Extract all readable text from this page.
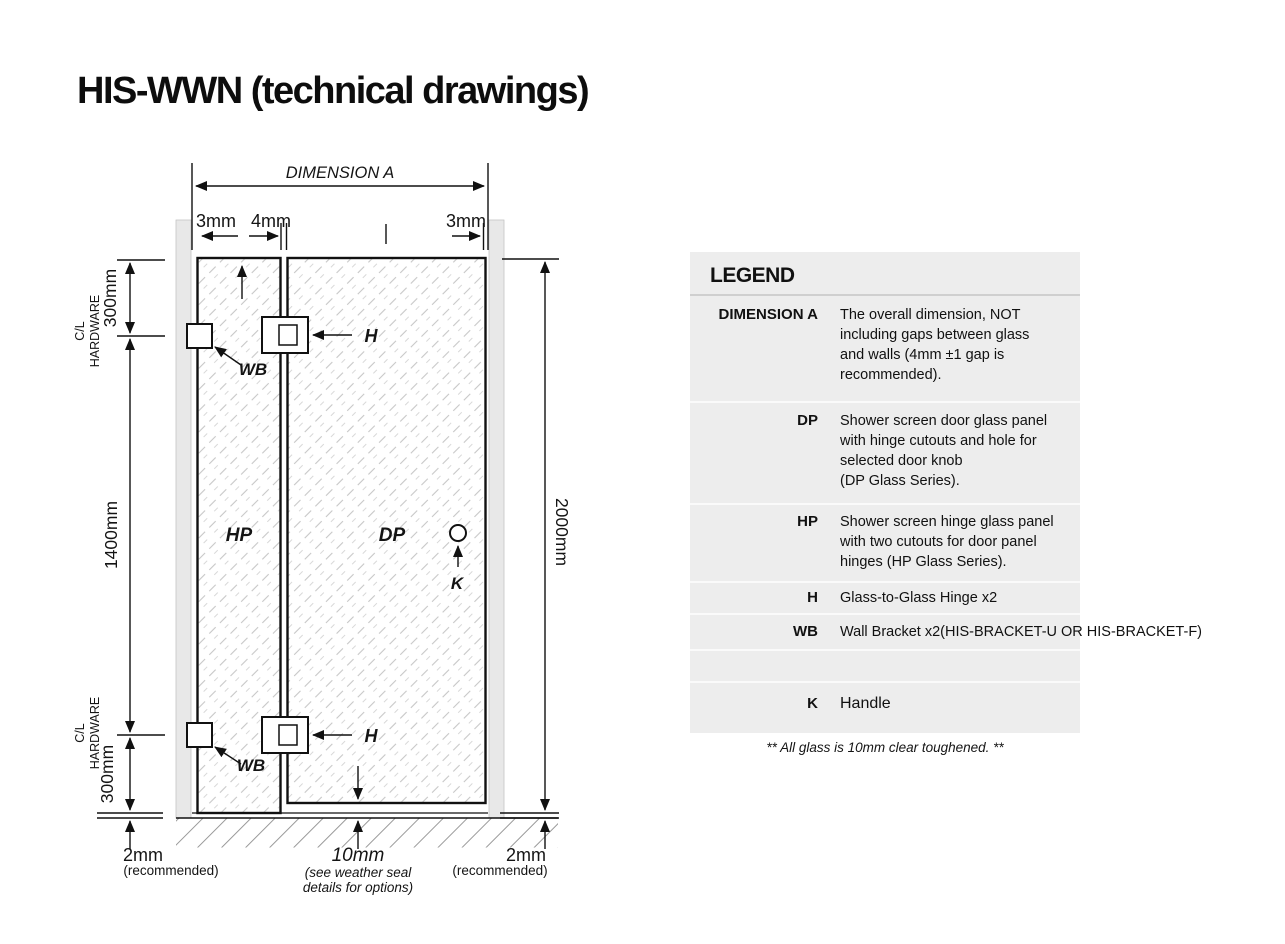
HIS-WWN (technical drawings)
DIMENSION A
3mm 4mm	3mm
300mm
C/L HARDWARE
1400mm
C/L HARDWARE
300mm
2000mm
WB
WB
H
H
K
HP	DP
2mm
(recommended)
10mm
(see weather seal
details for options)
2mm
(recommended)
LEGEND
DIMENSION A The overall dimension, NOT
including gaps between glass
and walls (4mm ±1 gap is
recommended).
DP Shower screen door glass panel
with hinge cutouts and hole for
selected door knob
(DP Glass Series).
HP Shower screen hinge glass panel
with two cutouts for door panel
hinges (HP Glass Series).
H Glass-to-Glass Hinge x2
WB Wall Bracket x2(HIS-BRACKET-U OR HIS-BRACKET-F)
K Handle
** All glass is 10mm clear toughened. **
